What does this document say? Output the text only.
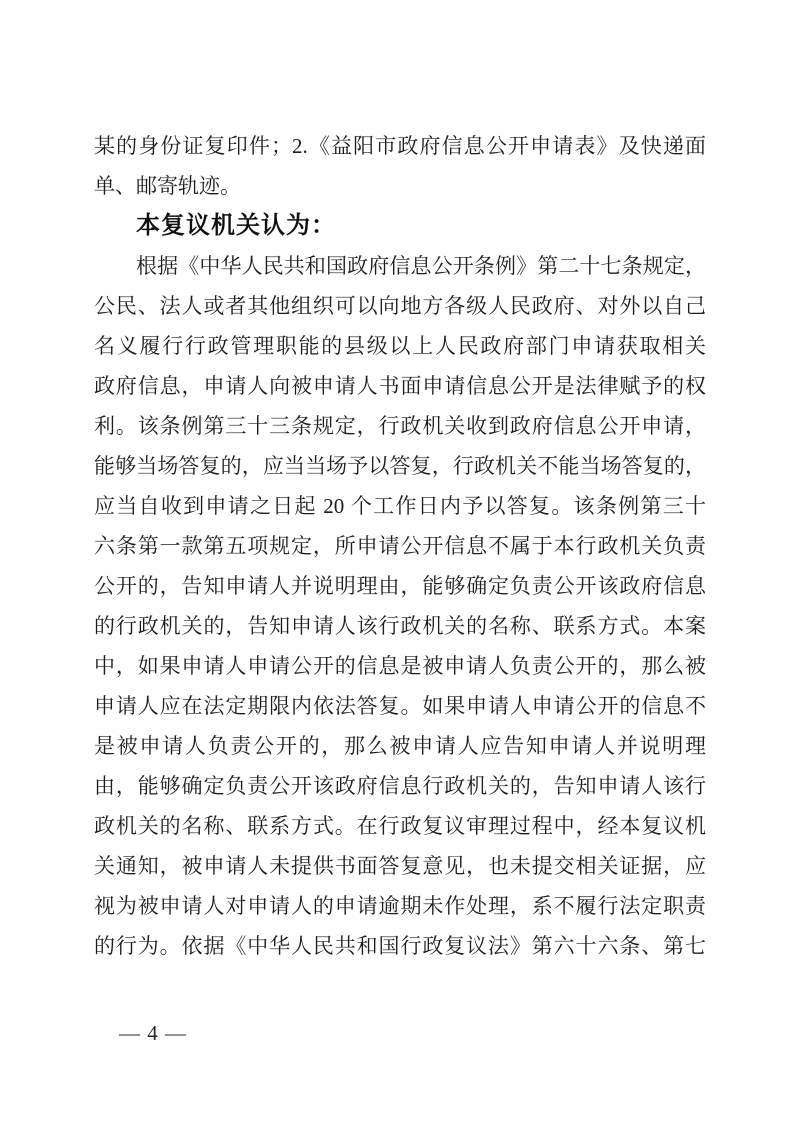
某的身份证复印件；2.《益阳市政府信息公开申请表》及快递面
单、邮寄轨迹。
本复议机关认为：
根据《中华人民共和国政府信息公开条例》第二十七条规定，
公民、法人或者其他组织可以向地方各级人民政府、对外以自己
名义履行行政管理职能的县级以上人民政府部门申请获取相关
政府信息，申请人向被申请人书面申请信息公开是法律赋予的权
利。该条例第三十三条规定，行政机关收到政府信息公开申请，
能够当场答复的，应当当场予以答复，行政机关不能当场答复的，
应当自收到申请之日起 20 个工作日内予以答复。该条例第三十
六条第一款第五项规定，所申请公开信息不属于本行政机关负责
公开的，告知申请人并说明理由，能够确定负责公开该政府信息
的行政机关的，告知申请人该行政机关的名称、联系方式。本案
中，如果申请人申请公开的信息是被申请人负责公开的，那么被
申请人应在法定期限内依法答复。如果申请人申请公开的信息不
是被申请人负责公开的，那么被申请人应告知申请人并说明理
由，能够确定负责公开该政府信息行政机关的，告知申请人该行
政机关的名称、联系方式。在行政复议审理过程中，经本复议机
关通知，被申请人未提供书面答复意见，也未提交相关证据，应
视为被申请人对申请人的申请逾期未作处理，系不履行法定职责
的行为。依据《中华人民共和国行政复议法》第六十六条、第七
— 4 —
